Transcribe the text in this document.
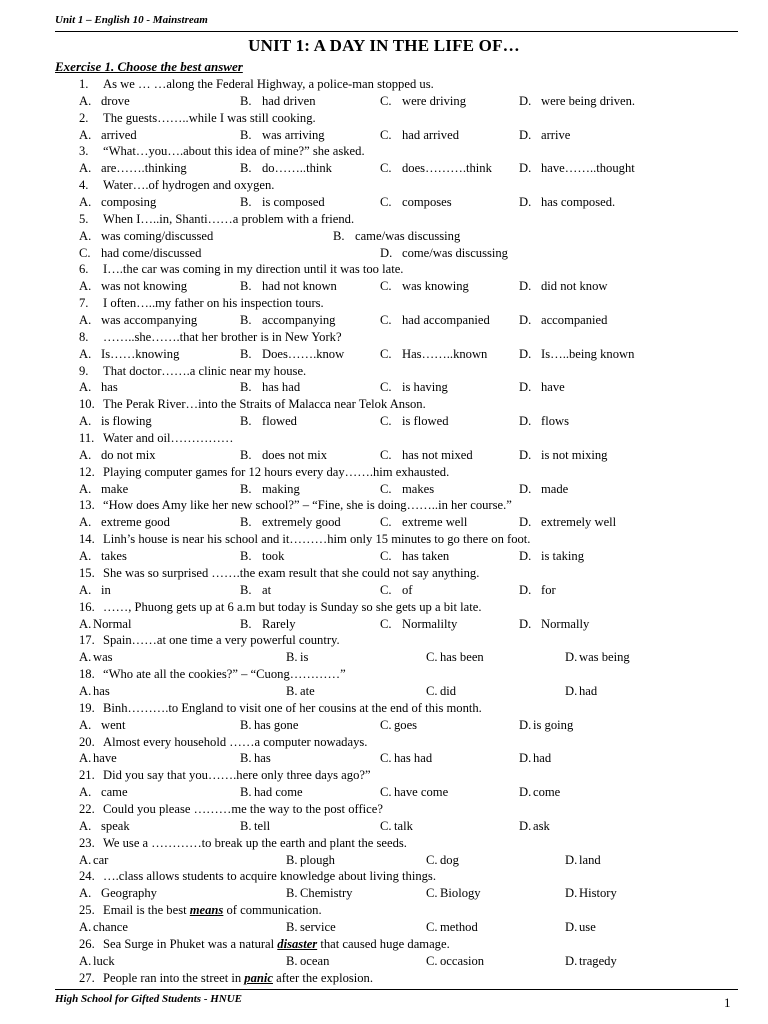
Unit 1 – English 10 - Mainstream
UNIT 1: A DAY IN THE LIFE OF…
Exercise 1. Choose the best answer
1. As we … …along the Federal Highway, a police-man stopped us.
A. drove	B. had driven	C. were driving	D. were being driven.
2. The guests……..while I was still cooking.
A. arrived	B. was arriving	C. had arrived	D. arrive
3. “What…you….about this idea of mine?” she asked.
A. are…….thinking	B. do……..think	C. does……….think D. have……..thought
4. Water….of hydrogen and oxygen.
A. composing	B. is composed	C. composes	D. has composed.
5. When I…..in, Shanti……a problem with a friend.
A. was coming/discussed	B. came/was discussing
C. had come/discussed	D. come/was discussing
6. I….the car was coming in my direction until it was too late.
A. was not knowing	B. had not known	C. was knowing	D. did not know
7. I often…..my father on his inspection tours.
A. was accompanying	B. accompanying	C. had accompanied D. accompanied
8. ……..she…….that her brother is in New York?
A. Is……knowing	B. Does…….know	C. Has……..known	D. Is…..being known
9. That doctor…….a clinic near my house.
A. has	B. has had	C. is having	D. have
10. The Perak River…into the Straits of Malacca near Telok Anson.
A. is flowing	B. flowed	C. is flowed	D. flows
11. Water and oil……………
A. do not mix	B. does not mix	C. has not mixed	D. is not mixing
12. Playing computer games for 12 hours every day…….him exhausted.
A. make	B. making	C. makes	D. made
13. “How does Amy like her new school?” – “Fine, she is doing……..in her course.”
A. extreme good	B. extremely good	C. extreme well	D. extremely well
14. Linh’s house is near his school and it………him only 15 minutes to go there on foot.
A. takes	B. took	C. has taken	D. is taking
15. She was so surprised …….the exam result that she could not say anything.
A. in	B. at	C. of	D. for
16. ……, Phuong gets up at 6 a.m but today is Sunday so she gets up a bit late.
A. Normal	B. Rarely	C. Normalilty	D. Normally
17. Spain……at one time a very powerful country.
A. was	B. is	C. has been	D. was being
18. “Who ate all the cookies?” – “Cuong…………”
A. has	B. ate	C. did	D. had
19. Binh……….to England to visit one of her cousins at the end of this month.
A. went	B. has gone	C. goes	D. is going
20. Almost every household ……a computer nowadays.
A. have	B. has	C. has had	D. had
21. Did you say that you…….here only three days ago?”
A. came	B. had come	C. have come	D. come
22. Could you please ………me the way to the post office?
A. speak	B. tell	C. talk	D. ask
23. We use a …………to break up the earth and plant the seeds.
A. car	B. plough	C. dog	D. land
24. ….class allows students to acquire knowledge about living things.
A. Geography	B. Chemistry	C. Biology	D. History
25. Email is the best means of communication.
A. chance	B. service	C. method	D. use
26. Sea Surge in Phuket was a natural disaster that caused huge damage.
A. luck	B. ocean	C. occasion	D. tragedy
27. People ran into the street in panic after the explosion.
High School for Gifted Students - HNUE	1
